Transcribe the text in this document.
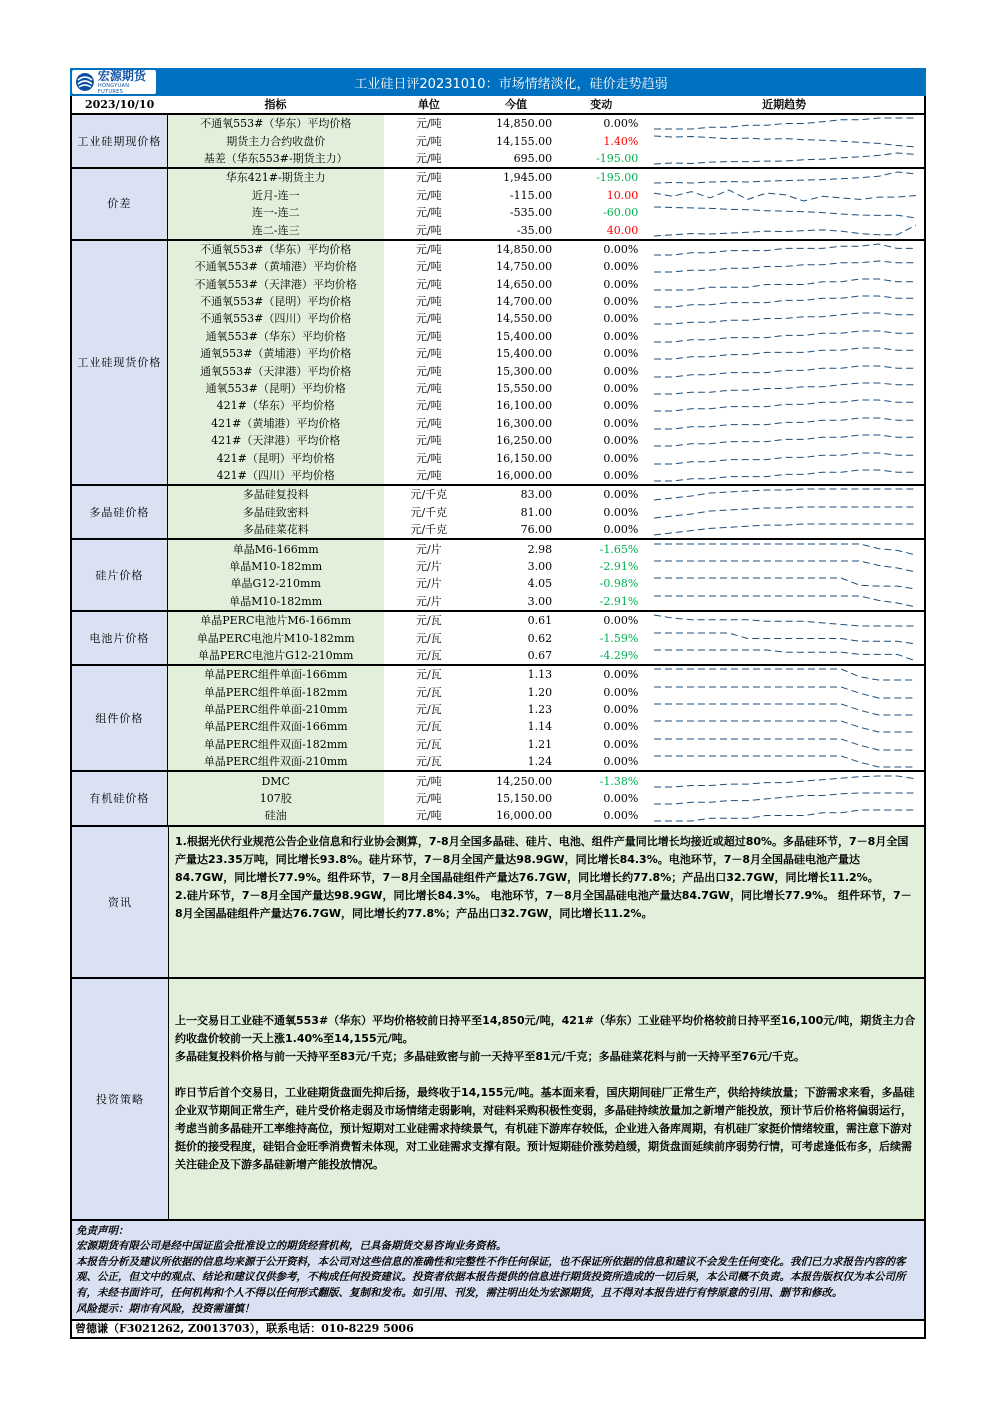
宏源期货
HONGYUAN FUTURES	工业硅日评20231010：市场情绪淡化，硅价走势趋弱
2023/10/10	指标	单位	今值	变动	近期趋势
工业硅期现价格	不通氧553#（华东）平均价格	元/吨	14,850.00	0.00%	

	期货主力合约收盘价	元/吨	14,155.00	1.40%	

	基差（华东553#-期货主力）	元/吨	695.00	-195.00	

价差	华东421#-期货主力	元/吨	1,945.00	-195.00	

	近月-连一	元/吨	-115.00	10.00	

	连一-连二	元/吨	-535.00	-60.00	

	连二-连三	元/吨	-35.00	40.00	

工业硅现货价格	不通氧553#（华东）平均价格	元/吨	14,850.00	0.00%	

	不通氧553#（黄埔港）平均价格	元/吨	14,750.00	0.00%	

	不通氧553#（天津港）平均价格	元/吨	14,650.00	0.00%	

	不通氧553#（昆明）平均价格	元/吨	14,700.00	0.00%	

	不通氧553#（四川）平均价格	元/吨	14,550.00	0.00%	

	通氧553#（华东）平均价格	元/吨	15,400.00	0.00%	

	通氧553#（黄埔港）平均价格	元/吨	15,400.00	0.00%	

	通氧553#（天津港）平均价格	元/吨	15,300.00	0.00%	

	通氧553#（昆明）平均价格	元/吨	15,550.00	0.00%	

	421#（华东）平均价格	元/吨	16,100.00	0.00%	

	421#（黄埔港）平均价格	元/吨	16,300.00	0.00%	

	421#（天津港）平均价格	元/吨	16,250.00	0.00%	

	421#（昆明）平均价格	元/吨	16,150.00	0.00%	

	421#（四川）平均价格	元/吨	16,000.00	0.00%	

多晶硅价格	多晶硅复投料	元/千克	83.00	0.00%	

	多晶硅致密料	元/千克	81.00	0.00%	

	多晶硅菜花料	元/千克	76.00	0.00%	

硅片价格	单晶M6-166mm	元/片	2.98	-1.65%	

	单晶M10-182mm	元/片	3.00	-2.91%	

	单晶G12-210mm	元/片	4.05	-0.98%	

	单晶M10-182mm	元/片	3.00	-2.91%	

电池片价格	单晶PERC电池片M6-166mm	元/瓦	0.61	0.00%	

	单晶PERC电池片M10-182mm	元/瓦	0.62	-1.59%	

	单晶PERC电池片G12-210mm	元/瓦	0.67	-4.29%	

组件价格	单晶PERC组件单面-166mm	元/瓦	1.13	0.00%	

	单晶PERC组件单面-182mm	元/瓦	1.20	0.00%	

	单晶PERC组件单面-210mm	元/瓦	1.23	0.00%	

	单晶PERC组件双面-166mm	元/瓦	1.14	0.00%	

	单晶PERC组件双面-182mm	元/瓦	1.21	0.00%	

	单晶PERC组件双面-210mm	元/瓦	1.24	0.00%	

有机硅价格	DMC	元/吨	14,250.00	-1.38%	

	107胶	元/吨	15,150.00	0.00%	

	硅油	元/吨	16,000.00	0.00%	
资讯

1.根据光伏行业规范公告企业信息和行业协会测算，7-8月全国多晶硅、硅片、电池、组件产量同比增长均接近或超过80%。多晶硅环节，7－8月全国产量达23.35万吨，同比增长93.8%。硅片环节，7－8月全国产量达98.9GW，同比增长84.3%。电池环节，7－8月全国晶硅电池产量达84.7GW，同比增长77.9%。组件环节，7－8月全国晶硅组件产量达76.7GW，同比增长约77.8%；产品出口32.7GW，同比增长11.2%。

2.硅片环节，7－8月全国产量达98.9GW，同比增长84.3%。 电池环节，7－8月全国晶硅电池产量达84.7GW，同比增长77.9%。 组件环节，7－8月全国晶硅组件产量达76.7GW，同比增长约77.8%；产品出口32.7GW，同比增长11.2%。

投资策略

上一交易日工业硅不通氧553#（华东）平均价格较前日持平至14,850元/吨，421#（华东）工业硅平均价格较前日持平至16,100元/吨，期货主力合约收盘价较前一天上涨1.40%至14,155元/吨。

多晶硅复投料价格与前一天持平至83元/千克；多晶硅致密与前一天持平至81元/千克；多晶硅菜花料与前一天持平至76元/千克。

昨日节后首个交易日，工业硅期货盘面先抑后扬，最终收于14,155元/吨。基本面来看，国庆期间硅厂正常生产，供给持续放量；下游需求来看，多晶硅企业双节期间正常生产，硅片受价格走弱及市场情绪走弱影响，对硅料采购积极性变弱，多晶硅持续放量加之新增产能投放，预计节后价格将偏弱运行，考虑当前多晶硅开工率维持高位，预计短期对工业硅需求持续景气，有机硅下游库存较低，企业进入备库周期，有机硅厂家挺价情绪较重，需注意下游对挺价的接受程度，硅铝合金旺季消费暂未体现，对工业硅需求支撑有限。预计短期硅价涨势趋缓，期货盘面延续前序弱势行情，可考虑逢低布多，后续需关注硅企及下游多晶硅新增产能投放情况。

免责声明：

宏源期货有限公司是经中国证监会批准设立的期货经营机构，已具备期货交易咨询业务资格。

本报告分析及建议所依据的信息均来源于公开资料，本公司对这些信息的准确性和完整性不作任何保证，也不保证所依据的信息和建议不会发生任何变化。我们已力求报告内容的客观、公正，但文中的观点、结论和建议仅供参考，不构成任何投资建议。投资者依据本报告提供的信息进行期货投资所造成的一切后果，本公司概不负责。本报告版权仅为本公司所有，未经书面许可，任何机构和个人不得以任何形式翻版、复制和发布。如引用、刊发，需注明出处为宏源期货，且不得对本报告进行有悖原意的引用、删节和修改。

风险提示：期市有风险，投资需谨慎！

曾德谦（F3021262, Z0013703），联系电话：010-8229 5006
